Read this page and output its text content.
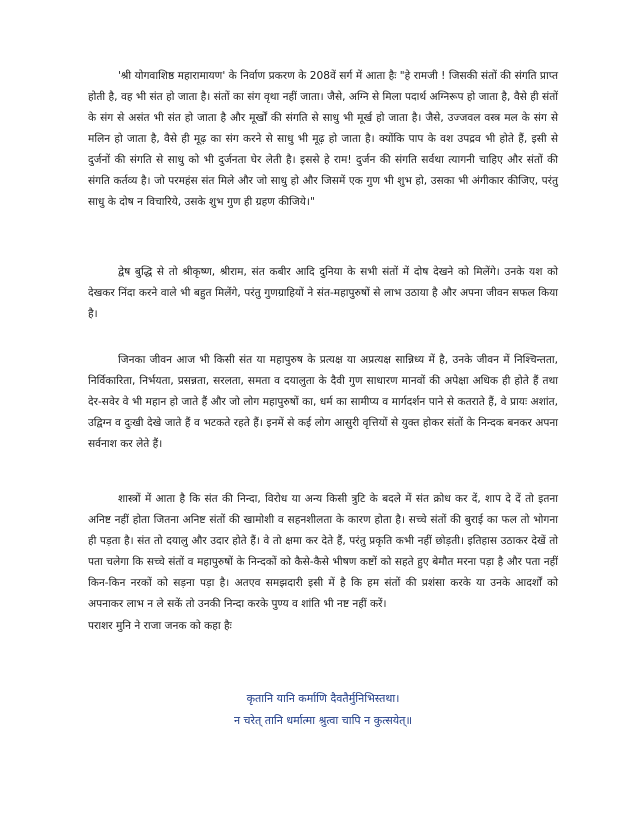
'श्री योगवाशिष्ठ महारामायण' के निर्वाण प्रकरण के 208वें सर्ग में आता हैः "हे रामजी ! जिसकी संतों की संगति प्राप्त होती है, वह भी संत हो जाता है। संतों का संग वृथा नहीं जाता। जैसे, अग्नि से मिला पदार्थ अग्निरूप हो जाता है, वैसे ही संतों के संग से असंत भी संत हो जाता है और मूर्खों की संगति से साधु भी मूर्ख हो जाता है। जैसे, उज्जवल वस्त्र मल के संग से मलिन हो जाता है, वैसे ही मूढ़ का संग करने से साधु भी मूढ़ हो जाता है। क्योंकि पाप के वश उपद्रव भी होते हैं, इसी से दुर्जनों की संगति से साधु को भी दुर्जनता घेर लेती है। इससे हे राम! दुर्जन की संगति सर्वथा त्यागनी चाहिए और संतों की संगति कर्तव्य है। जो परमहंस संत मिले और जो साधु हो और जिसमें एक गुण भी शुभ हो, उसका भी अंगीकार कीजिए, परंतु साधु के दोष न विचारिये, उसके शुभ गुण ही ग्रहण कीजिये।"

द्वेष बुद्धि से तो श्रीकृष्ण, श्रीराम, संत कबीर आदि दुनिया के सभी संतों में दोष देखने को मिलेंगे। उनके यश को देखकर निंदा करने वाले भी बहुत मिलेंगे, परंतु गुणग्राहियों ने संत-महापुरुषों से लाभ उठाया है और अपना जीवन सफल किया है।

जिनका जीवन आज भी किसी संत या महापुरुष के प्रत्यक्ष या अप्रत्यक्ष सान्निध्य में है, उनके जीवन में निश्चिन्तता, निर्विकारिता, निर्भयता, प्रसन्नता, सरलता, समता व दयालुता के दैवी गुण साधारण मानवों की अपेक्षा अधिक ही होते हैं तथा देर-सवेर वे भी महान हो जाते हैं और जो लोग महापुरुषों का, धर्म का सामीप्य व मार्गदर्शन पाने से कतराते हैं, वे प्रायः अशांत, उद्विग्न व दुःखी देखे जाते हैं व भटकते रहते हैं। इनमें से कई लोग आसुरी वृत्तियों से युक्त होकर संतों के निन्दक बनकर अपना सर्वनाश कर लेते हैं।

शास्त्रों में आता है कि संत की निन्दा, विरोध या अन्य किसी त्रुटि के बदले में संत क्रोध कर दें, शाप दे दें तो इतना अनिष्ट नहीं होता जितना अनिष्ट संतों की खामोशी व सहनशीलता के कारण होता है। सच्चे संतों की बुराई का फल तो भोगना ही पड़ता है। संत तो दयालु और उदार होते हैं। वे तो क्षमा कर देते हैं, परंतु प्रकृति कभी नहीं छोड़ती। इतिहास उठाकर देखें तो पता चलेगा कि सच्चे संतों व महापुरुषों के निन्दकों को कैसे-कैसे भीषण कष्टों को सहते हुए बेमौत मरना पड़ा है और पता नहीं किन-किन नरकों को सड़ना पड़ा है। अतएव समझदारी इसी में है कि हम संतों की प्रशंसा करके या उनके आदर्शों को अपनाकर लाभ न ले सकें तो उनकी निन्दा करके पुण्य व शांति भी नष्ट नहीं करें।

पराशर मुनि ने राजा जनक को कहा हैः

कृतानि यानि कर्माणि दैवतैर्मुनिभिस्तथा।

न चरेत् तानि धर्मात्मा श्रुत्वा चापि न कुत्सयेत्॥
